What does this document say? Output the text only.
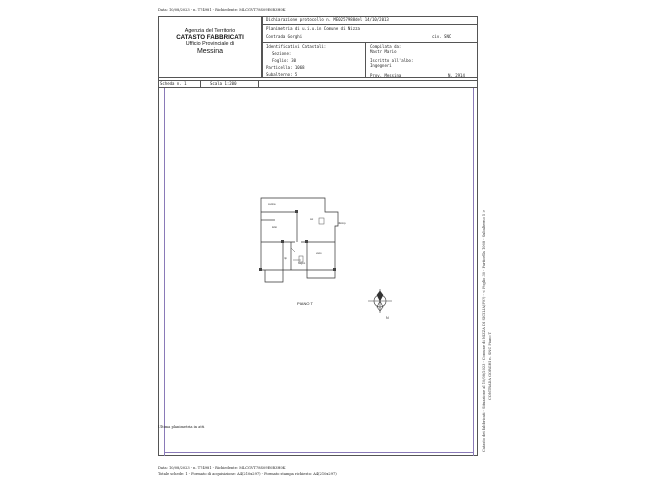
Data: 10/08/2023 - n. T74981 - Richiedente: MLCGVT78S09E0B3H0K
Agenzia del Territorio
CATASTO FABBRICATI
Ufficio Provinciale di
Messina
Dichiarazione protocollo n. ME0257988del 14/10/2013
Planimetria di u.i.u.in Comune di Nizza
Contrada Gorghi	civ. SNC
Identificativi Catastali:
Sezione:
Foglio: 30
Particella: 1068
Subalterno: 5
Compilata da:
Mastr Mario
Iscritto all'albo:
Ingegneri
Prov. Messina	N. 2914
Scheda n. 1	Scala 1:200
cucina
wc
letto
rip
bagno
vano
disimp.
PIANO T
N
Ultima planimetria in atti
Data: 10/08/2023 - n. T74981 - Richiedente: MLCGVT78S09E0B3H0K
Totale schede: 1 - Formato di acquisizione: A4(210x297) - Formato stampa richiesto: A4(210x297)
Catasto dei fabbricati - Situazione al 10/08/2023 - Comune di NIZZA DI SICILIA(F9?) - < Foglio 30 - Particella 1068 - Subalterno 5 > CONTRADA GORGHI n. SNC Piano T
